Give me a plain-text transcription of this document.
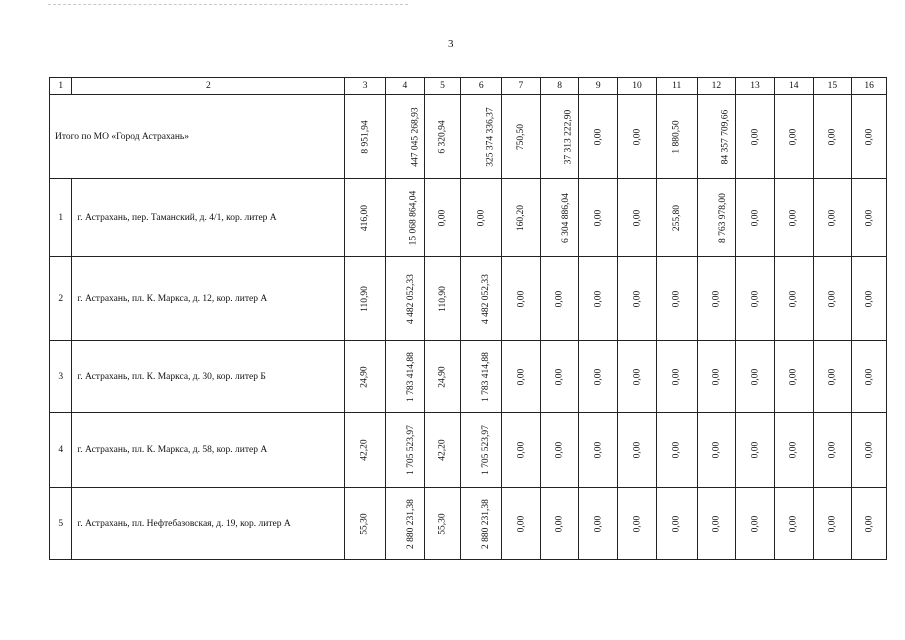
3
1	2	3	4	5	6	7	8	9	10	11	12	13	14	15	16
Итого по МО «Город Астрахань»		8 951,94	447 045 268,93	6 320,94	325 374 336,37	750,50	37 313 222,90	0,00	0,00	1 880,50	84 357 709,66	0,00	0,00	0,00	0,00
1	г. Астрахань, пер. Таманский, д. 4/1, кор. литер А	416,00	15 068 864,04	0,00	0,00	160,20	6 304 886,04	0,00	0,00	255,80	8 763 978,00	0,00	0,00	0,00	0,00
2	г. Астрахань, пл. К. Маркса, д. 12, кор. литер А	110,90	4 482 052,33	110,90	4 482 052,33	0,00	0,00	0,00	0,00	0,00	0,00	0,00	0,00	0,00	0,00
3	г. Астрахань, пл. К. Маркса, д. 30, кор. литер Б	24,90	1 783 414,88	24,90	1 783 414,88	0,00	0,00	0,00	0,00	0,00	0,00	0,00	0,00	0,00	0,00
4	г. Астрахань, пл. К. Маркса, д. 58, кор. литер А	42,20	1 705 523,97	42,20	1 705 523,97	0,00	0,00	0,00	0,00	0,00	0,00	0,00	0,00	0,00	0,00
5	г. Астрахань, пл. Нефтебазовская, д. 19, кор. литер А	55,30	2 880 231,38	55,30	2 880 231,38	0,00	0,00	0,00	0,00	0,00	0,00	0,00	0,00	0,00	0,00
